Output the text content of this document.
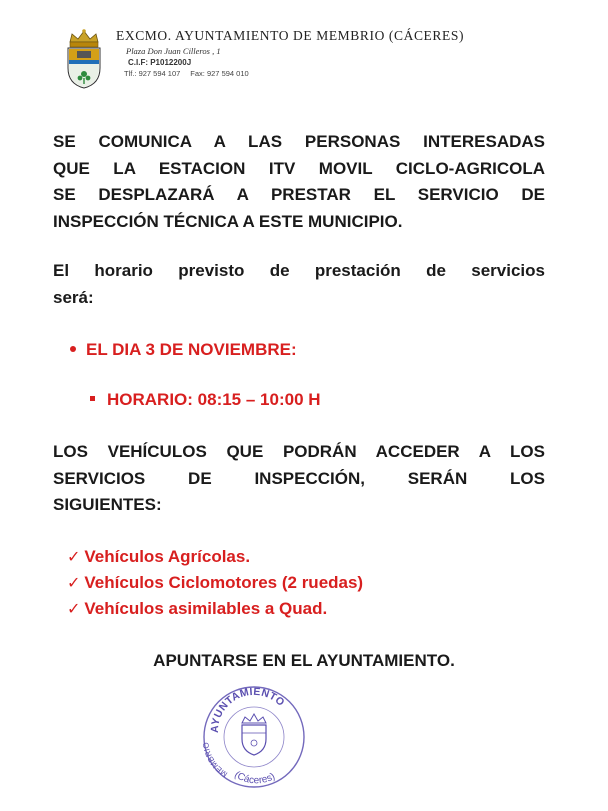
EXCMO. AYUNTAMIENTO DE MEMBRIO (CÁCERES)
Plaza Don Juan Cilleros , 1
C.I.F: P1012200J
Tlf.: 927 594 107 Fax: 927 594 010
SE COMUNICA A LAS PERSONAS INTERESADAS
QUE LA ESTACION ITV MOVIL CICLO-AGRICOLA
SE DESPLAZARÁ A PRESTAR EL SERVICIO DE
INSPECCIÓN TÉCNICA A ESTE MUNICIPIO.
El horario previsto de prestación de servicios
será:
EL DIA 3 DE NOVIEMBRE:
HORARIO: 08:15 – 10:00 H
LOS VEHÍCULOS QUE PODRÁN ACCEDER A LOS
SERVICIOS DE INSPECCIÓN, SERÁN LOS
SIGUIENTES:
✓ Vehículos Agrícolas.
✓ Vehículos Ciclomotores (2 ruedas)
✓ Vehículos asimilables a Quad.
APUNTARSE EN EL AYUNTAMIENTO.
AYUNTAMIENTO
MEMBRIO
(Cáceres)
